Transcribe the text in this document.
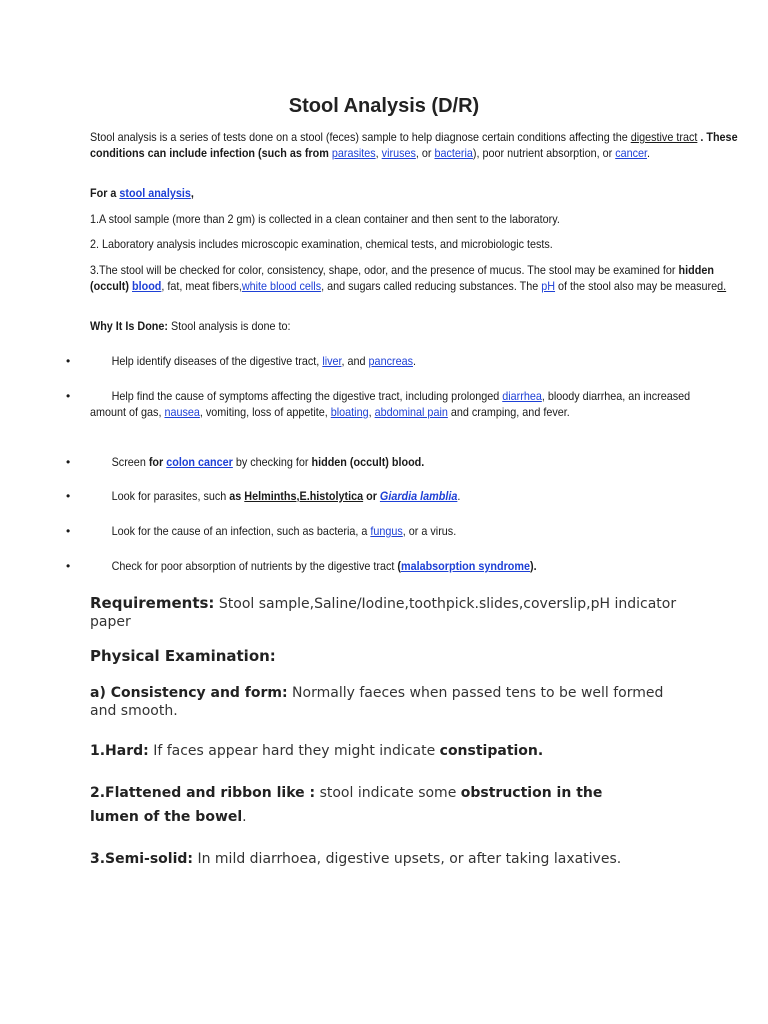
Stool Analysis (D/R)
Stool analysis is a series of tests done on a stool (feces) sample to help diagnose certain conditions affecting the digestive tract . These conditions can include infection (such as from parasites, viruses, or bacteria), poor nutrient absorption, or cancer.
For a stool analysis,
1.A stool sample (more than 2 gm) is collected in a clean container and then sent to the laboratory.
2. Laboratory analysis includes microscopic examination, chemical tests, and microbiologic tests.
3.The stool will be checked for color, consistency, shape, odor, and the presence of mucus. The stool may be examined for hidden (occult) blood, fat, meat fibers,white blood cells, and sugars called reducing substances. The pH of the stool also may be measured.
Why It Is Done: Stool analysis is done to:
•	Help identify diseases of the digestive tract, liver, and pancreas.
•	Help find the cause of symptoms affecting the digestive tract, including prolonged diarrhea, bloody diarrhea, an increased amount of gas, nausea, vomiting, loss of appetite, bloating, abdominal pain and cramping, and fever.
•	Screen for colon cancer by checking for hidden (occult) blood.
•	Look for parasites, such as Helminths,E.histolytica or Giardia lamblia.
•	Look for the cause of an infection, such as bacteria, a fungus, or a virus.
•	Check for poor absorption of nutrients by the digestive tract (malabsorption syndrome).
Requirements: Stool sample,Saline/Iodine,toothpick.slides,coverslip,pH indicator paper
Physical Examination:
a) Consistency and form: Normally faeces when passed tens to be well formed and smooth.
1.Hard: If faces appear hard they might indicate constipation.
2.Flattened and ribbon like : stool indicate some obstruction in the lumen of the bowel.
3.Semi-solid: In mild diarrhoea, digestive upsets, or after taking laxatives.
